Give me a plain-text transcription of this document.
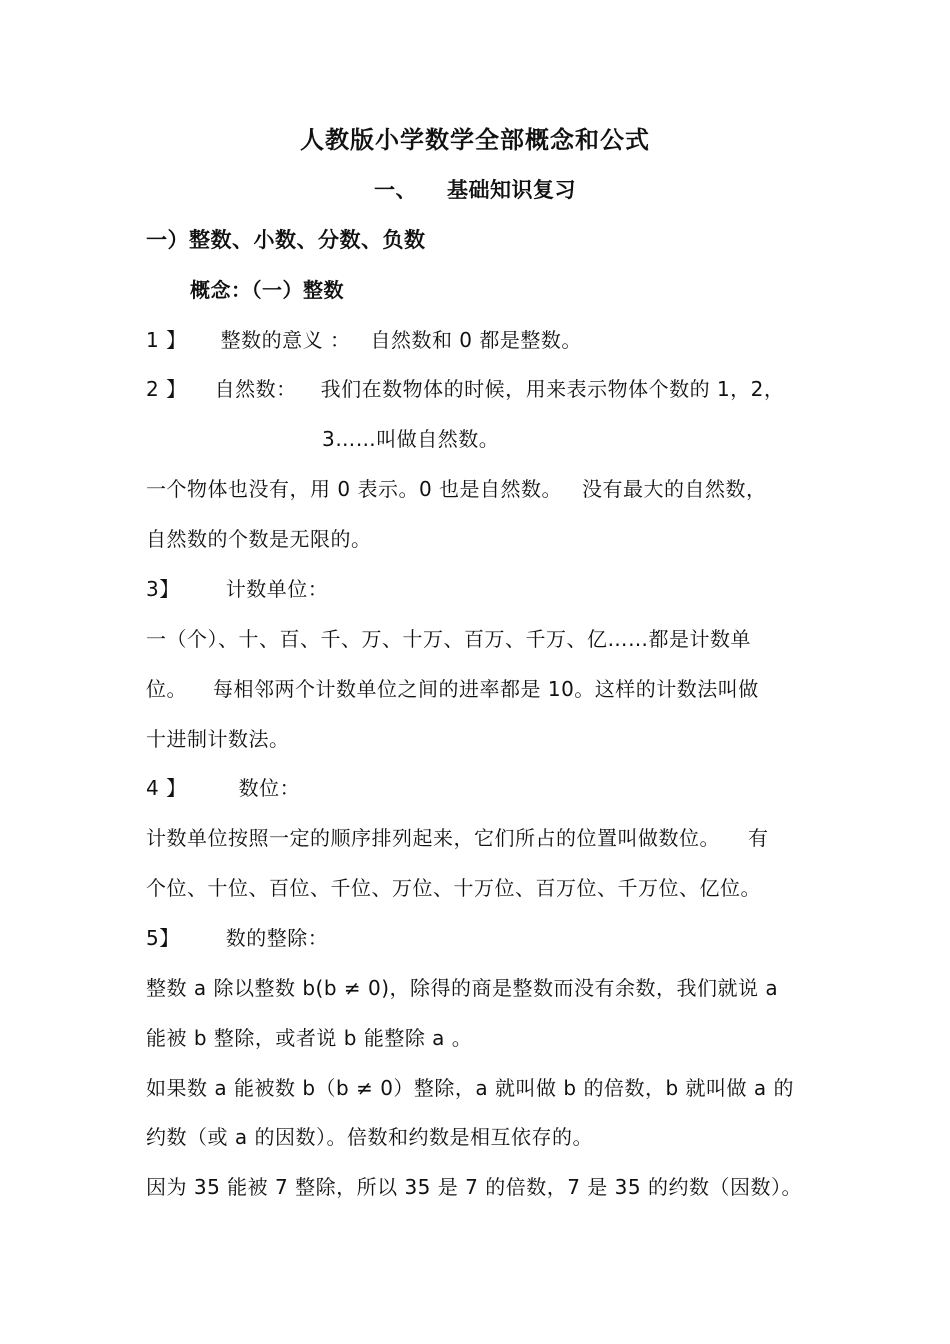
人教版小学数学全部概念和公式
一、 基础知识复习
一）整数、小数、分数、负数
概念：（一）整数
1 】 整数的意义 ： 自然数和 0 都是整数。
2 】 自然数： 我们在数物体的时候，用来表示物体个数的 1，2，
3……叫做自然数。
一个物体也没有，用 0 表示。0 也是自然数。 没有最大的自然数，
自然数的个数是无限的。
3】 计数单位：
一（个）、十、百、千、万、十万、百万、千万、亿……都是计数单
位。 每相邻两个计数单位之间的进率都是 10。这样的计数法叫做
十进制计数法。
4 】	数位：
计数单位按照一定的顺序排列起来，它们所占的位置叫做数位。 有
个位、十位、百位、千位、万位、十万位、百万位、千万位、亿位。
5】 数的整除：
整数 a 除以整数 b(b ≠ 0)，除得的商是整数而没有余数，我们就说 a
能被 b 整除，或者说 b 能整除 a 。
如果数 a 能被数 b（b ≠ 0）整除，a 就叫做 b 的倍数，b 就叫做 a 的
约数（或 a 的因数）。倍数和约数是相互依存的。
因为 35 能被 7 整除，所以 35 是 7 的倍数，7 是 35 的约数（因数）。
